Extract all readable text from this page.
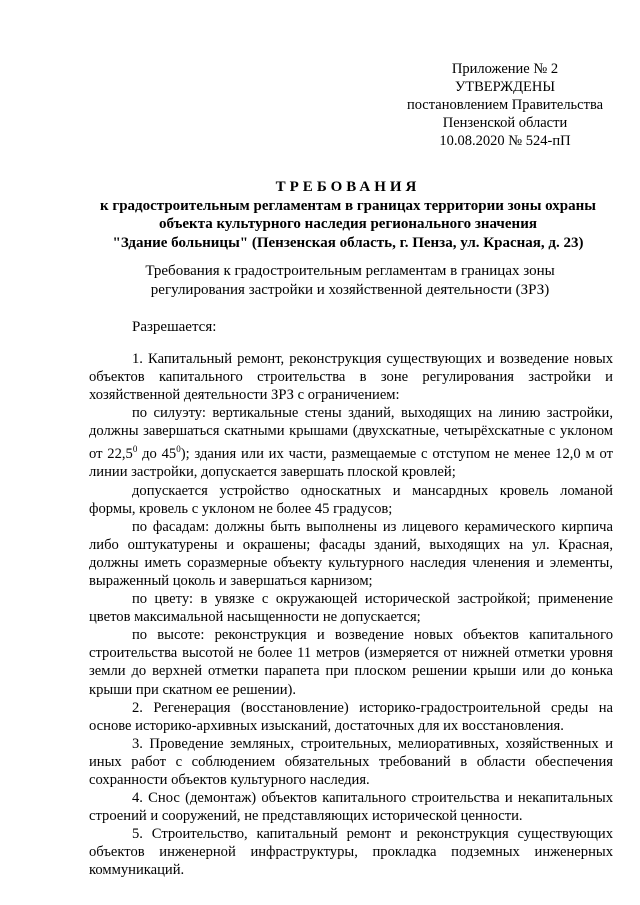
Приложение № 2
УТВЕРЖДЕНЫ
постановлением Правительства
Пензенской области
10.08.2020 № 524-пП
ТРЕБОВАНИЯ
к градостроительным регламентам в границах территории зоны охраны
объекта культурного наследия регионального значения
"Здание больницы" (Пензенская область, г. Пенза, ул. Красная, д. 23)
Требования к градостроительным регламентам в границах зоны
регулирования застройки и хозяйственной деятельности (ЗРЗ)
Разрешается:

1. Капитальный ремонт, реконструкция существующих и возведение новых объектов капитального строительства в зоне регулирования застройки и хозяйственной деятельности ЗРЗ с ограничением:

по силуэту: вертикальные стены зданий, выходящих на линию застройки, должны завершаться скатными крышами (двухскатные, четырёхскатные с уклоном от 22,5$^0$ до $45^0$); здания или их части, размещаемые с отступом не менее 12,0 м от линии застройки, допускается завершать плоской кровлей;

допускается устройство односкатных и мансардных кровель ломаной формы, кровель с уклоном не более 45 градусов;

по фасадам: должны быть выполнены из лицевого керамического кирпича либо оштукатурены и окрашены; фасады зданий, выходящих на ул. Красная, должны иметь соразмерные объекту культурного наследия членения и элементы, выраженный цоколь и завершаться карнизом;

по цвету: в увязке с окружающей исторической застройкой; применение цветов максимальной насыщенности не допускается;

по высоте: реконструкция и возведение новых объектов капитального строительства высотой не более 11 метров (измеряется от нижней отметки уровня земли до верхней отметки парапета при плоском решении крыши или до конька крыши при скатном ее решении).

2. Регенерация (восстановление) историко-градостроительной среды на основе историко-архивных изысканий, достаточных для их восстановления.

3. Проведение земляных, строительных, мелиоративных, хозяйственных и иных работ с соблюдением обязательных требований в области обеспечения сохранности объектов культурного наследия.

4. Снос (демонтаж) объектов капитального строительства и некапитальных строений и сооружений, не представляющих исторической ценности.

5. Строительство, капитальный ремонт и реконструкция существующих объектов инженерной инфраструктуры, прокладка подземных инженерных коммуникаций.
